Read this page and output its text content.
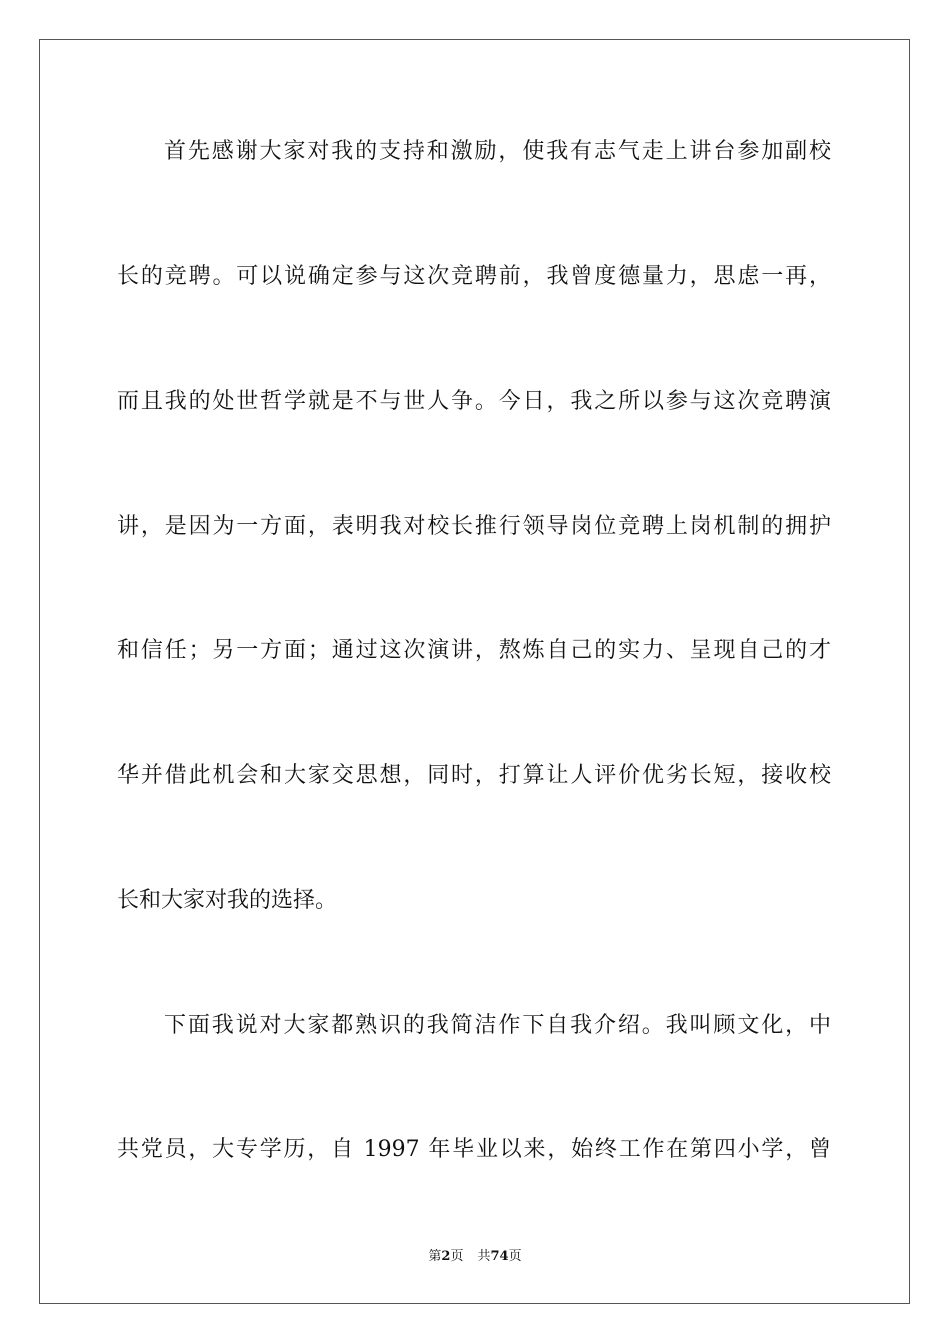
首先感谢大家对我的支持和激励，使我有志气走上讲台参加副校
长的竞聘。可以说确定参与这次竞聘前，我曾度德量力，思虑一再，
而且我的处世哲学就是不与世人争。今日，我之所以参与这次竞聘演
讲，是因为一方面，表明我对校长推行领导岗位竞聘上岗机制的拥护
和信任；另一方面；通过这次演讲，熬炼自己的实力、呈现自己的才
华并借此机会和大家交思想，同时，打算让人评价优劣长短，接收校
长和大家对我的选择。
下面我说对大家都熟识的我简洁作下自我介绍。我叫顾文化，中
共党员，大专学历，自 1997 年毕业以来，始终工作在第四小学，曾
第2页 共74页
